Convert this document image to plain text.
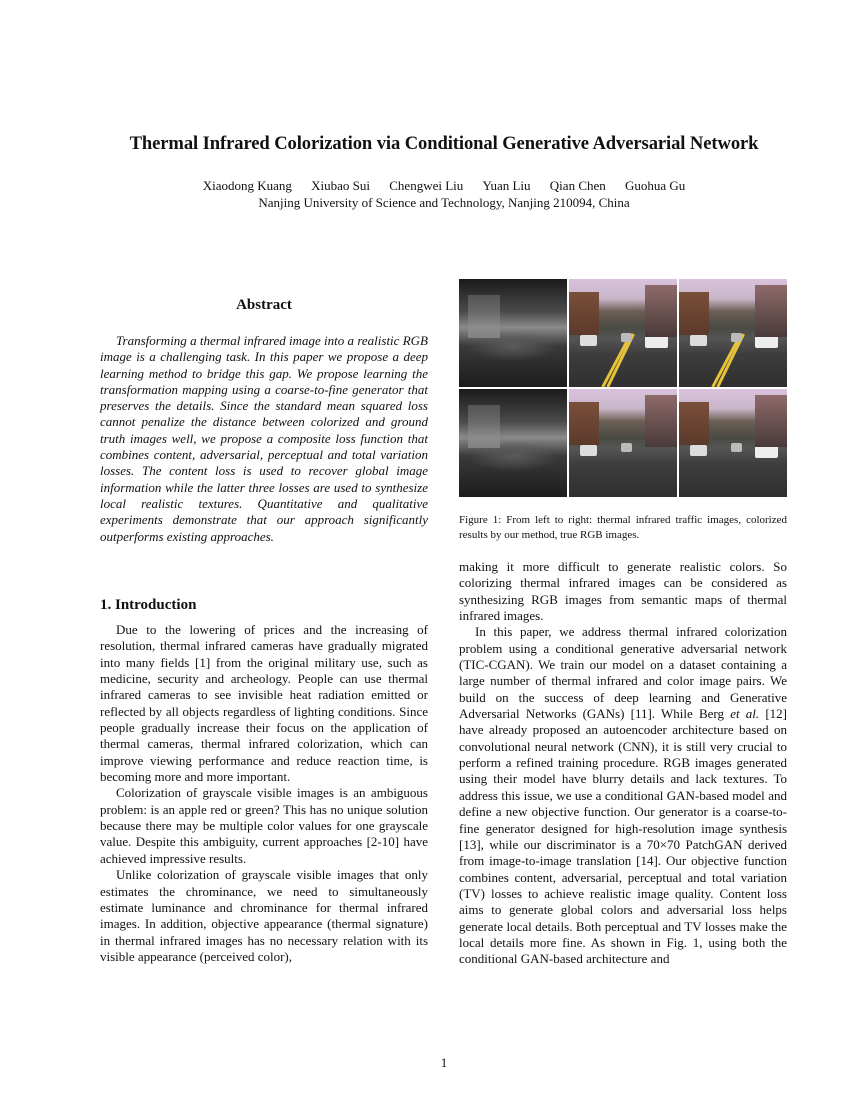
Thermal Infrared Colorization via Conditional Generative Adversarial Network
Xiaodong Kuang Xiubao Sui Chengwei Liu Yuan Liu Qian Chen Guohua Gu
Nanjing University of Science and Technology, Nanjing 210094, China
Abstract
Transforming a thermal infrared image into a realistic RGB image is a challenging task. In this paper we propose a deep learning method to bridge this gap. We propose learning the transformation mapping using a coarse-to-fine generator that preserves the details. Since the standard mean squared loss cannot penalize the distance between colorized and ground truth images well, we propose a composite loss function that combines content, adversarial, perceptual and total variation losses. The content loss is used to recover global image information while the latter three losses are used to synthesize local realistic textures. Quantitative and qualitative experiments demonstrate that our approach significantly outperforms existing approaches.
1. Introduction

Due to the lowering of prices and the increasing of resolution, thermal infrared cameras have gradually migrated into many fields [1] from the original military use, such as medicine, security and archeology. People can use thermal infrared cameras to see invisible heat radiation emitted or reflected by all objects regardless of lighting conditions. Since people gradually increase their focus on the application of thermal cameras, thermal infrared colorization, which can improve viewing performance and reduce reaction time, is becoming more and more important.

Colorization of grayscale visible images is an ambiguous problem: is an apple red or green? This has no unique solution because there may be multiple color values for one grayscale value. Despite this ambiguity, current approaches [2-10] have achieved impressive results.

Unlike colorization of grayscale visible images that only estimates the chrominance, we need to simultaneously estimate luminance and chrominance for thermal infrared images. In addition, objective appearance (thermal signature) in thermal infrared images has no necessary relation with its visible appearance (perceived color),

Figure 1: From left to right: thermal infrared traffic images, colorized results by our method, true RGB images.

making it more difficult to generate realistic colors. So colorizing thermal infrared images can be considered as synthesizing RGB images from semantic maps of thermal infrared images.

In this paper, we address thermal infrared colorization problem using a conditional generative adversarial network (TIC-CGAN). We train our model on a dataset containing a large number of thermal infrared and color image pairs. We build on the success of deep learning and Generative Adversarial Networks (GANs) [11]. While Berg et al. [12] have already proposed an autoencoder architecture based on convolutional neural network (CNN), it is still very crucial to perform a refined training procedure. RGB images generated using their model have blurry details and lack textures. To address this issue, we use a conditional GAN-based model and define a new objective function. Our generator is a coarse-to-fine generator designed for high-resolution image synthesis [13], while our discriminator is a 70×70 PatchGAN derived from image-to-image translation [14]. Our objective function combines content, adversarial, perceptual and total variation (TV) losses to achieve realistic image quality. Content loss aims to generate global colors and adversarial loss helps generate local details. Both perceptual and TV losses make the local details more fine. As shown in Fig. 1, using both the conditional GAN-based architecture and

1
